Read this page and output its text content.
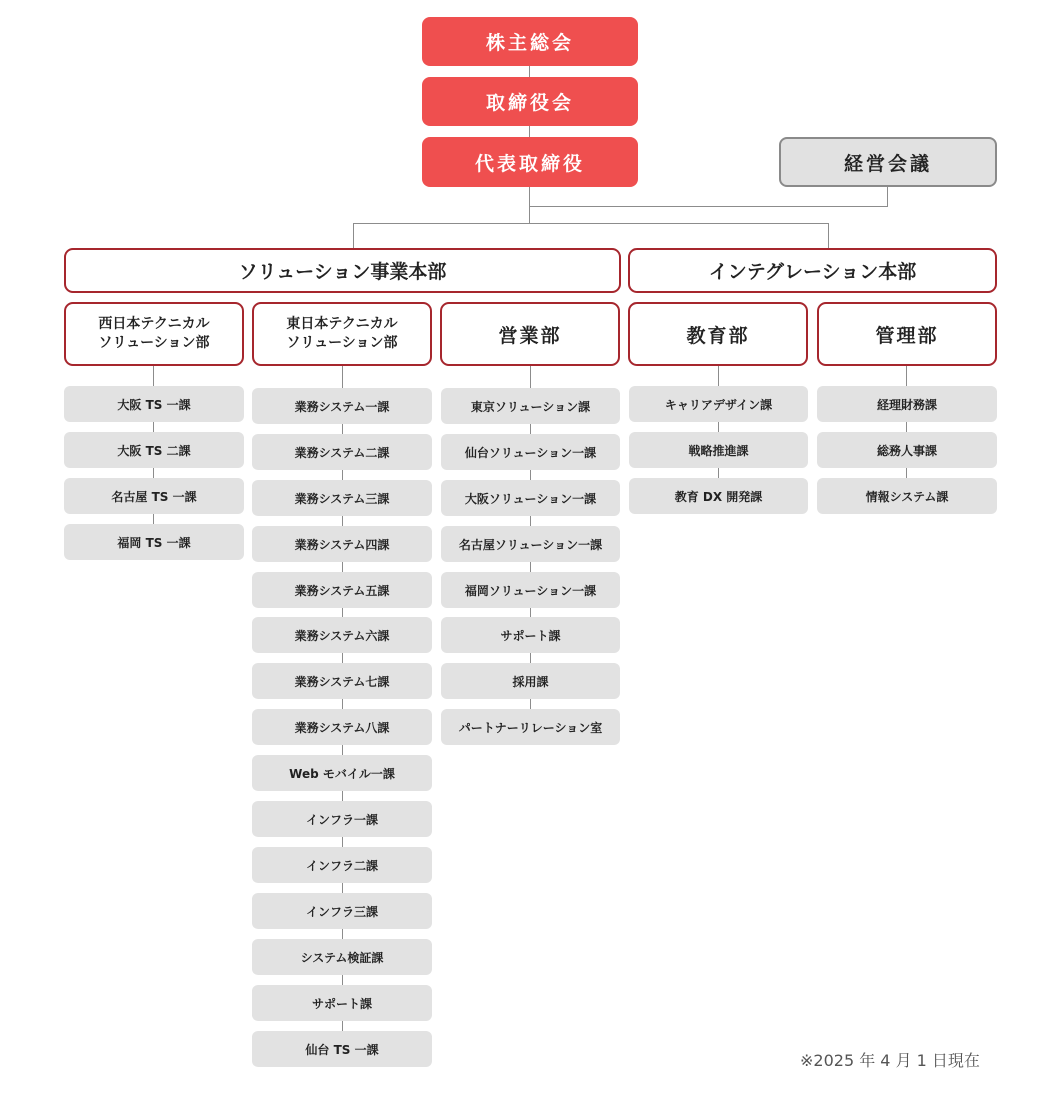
株主総会
取締役会
代表取締役	経営会議
ソリューション事業本部	インテグレーション本部
西日本テクニカル
ソリューション部
東日本テクニカル
ソリューション部	営業部	教育部	管理部
大阪 TS 一課
大阪 TS 二課
名古屋 TS 一課
福岡 TS 一課
業務システム一課
業務システム二課
業務システム三課
業務システム四課
業務システム五課
業務システム六課
業務システム七課
業務システム八課
Web モバイル一課
インフラ一課
インフラ二課
インフラ三課
システム検証課
サポート課
仙台 TS 一課
東京ソリューション課
仙台ソリューション一課
大阪ソリューション一課
名古屋ソリューション一課
福岡ソリューション一課
サポート課
採用課
パートナーリレーション室
キャリアデザイン課
戦略推進課
教育 DX 開発課
経理財務課
総務人事課
情報システム課
※2025 年 4 月 1 日現在
